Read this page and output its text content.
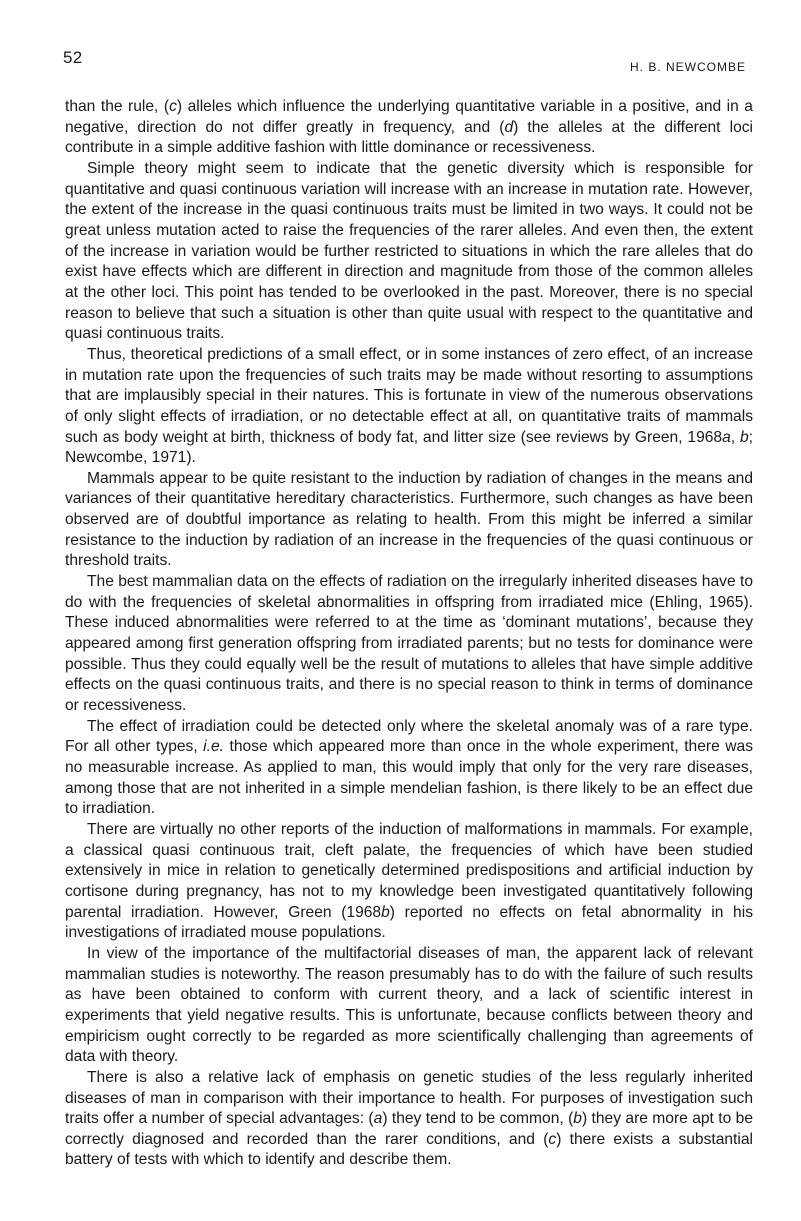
52	H. B. NEWCOMBE

than the rule, (c) alleles which influence the underlying quantitative variable in a positive, and in a negative, direction do not differ greatly in frequency, and (d) the alleles at the different loci contribute in a simple additive fashion with little dominance or recessiveness.

Simple theory might seem to indicate that the genetic diversity which is responsible for quantitative and quasi continuous variation will increase with an increase in mutation rate. However, the extent of the increase in the quasi continuous traits must be limited in two ways. It could not be great unless mutation acted to raise the frequencies of the rarer alleles. And even then, the extent of the increase in variation would be further restricted to situations in which the rare alleles that do exist have effects which are different in direction and magnitude from those of the common alleles at the other loci. This point has tended to be overlooked in the past. Moreover, there is no special reason to believe that such a situation is other than quite usual with respect to the quantitative and quasi continuous traits.

Thus, theoretical predictions of a small effect, or in some instances of zero effect, of an increase in mutation rate upon the frequencies of such traits may be made without resorting to assumptions that are implausibly special in their natures. This is fortunate in view of the numerous observations of only slight effects of irradiation, or no detectable effect at all, on quantitative traits of mammals such as body weight at birth, thickness of body fat, and litter size (see reviews by Green, 1968a, b; Newcombe, 1971).

Mammals appear to be quite resistant to the induction by radiation of changes in the means and variances of their quantitative hereditary characteristics. Furthermore, such changes as have been observed are of doubtful importance as relating to health. From this might be inferred a similar resistance to the induction by radiation of an increase in the frequencies of the quasi continuous or threshold traits.

The best mammalian data on the effects of radiation on the irregularly inherited diseases have to do with the frequencies of skeletal abnormalities in offspring from irradiated mice (Ehling, 1965). These induced abnormalities were referred to at the time as ‘dominant mutations’, because they appeared among first generation offspring from irradiated parents; but no tests for dominance were possible. Thus they could equally well be the result of mutations to alleles that have simple additive effects on the quasi continuous traits, and there is no special reason to think in terms of dominance or recessiveness.

The effect of irradiation could be detected only where the skeletal anomaly was of a rare type. For all other types, i.e. those which appeared more than once in the whole experiment, there was no measurable increase. As applied to man, this would imply that only for the very rare diseases, among those that are not inherited in a simple mendelian fashion, is there likely to be an effect due to irradiation.

There are virtually no other reports of the induction of malformations in mammals. For example, a classical quasi continuous trait, cleft palate, the frequencies of which have been studied extensively in mice in relation to genetically determined predispositions and artificial induction by cortisone during pregnancy, has not to my knowledge been investigated quantitatively following parental irradiation. However, Green (1968b) reported no effects on fetal abnormality in his investigations of irradiated mouse populations.

In view of the importance of the multifactorial diseases of man, the apparent lack of relevant mammalian studies is noteworthy. The reason presumably has to do with the failure of such results as have been obtained to conform with current theory, and a lack of scientific interest in experiments that yield negative results. This is unfortunate, because conflicts between theory and empiricism ought correctly to be regarded as more scientifically challenging than agreements of data with theory.

There is also a relative lack of emphasis on genetic studies of the less regularly inherited diseases of man in comparison with their importance to health. For purposes of investigation such traits offer a number of special advantages: (a) they tend to be common, (b) they are more apt to be correctly diagnosed and recorded than the rarer conditions, and (c) there exists a substantial battery of tests with which to identify and describe them.
